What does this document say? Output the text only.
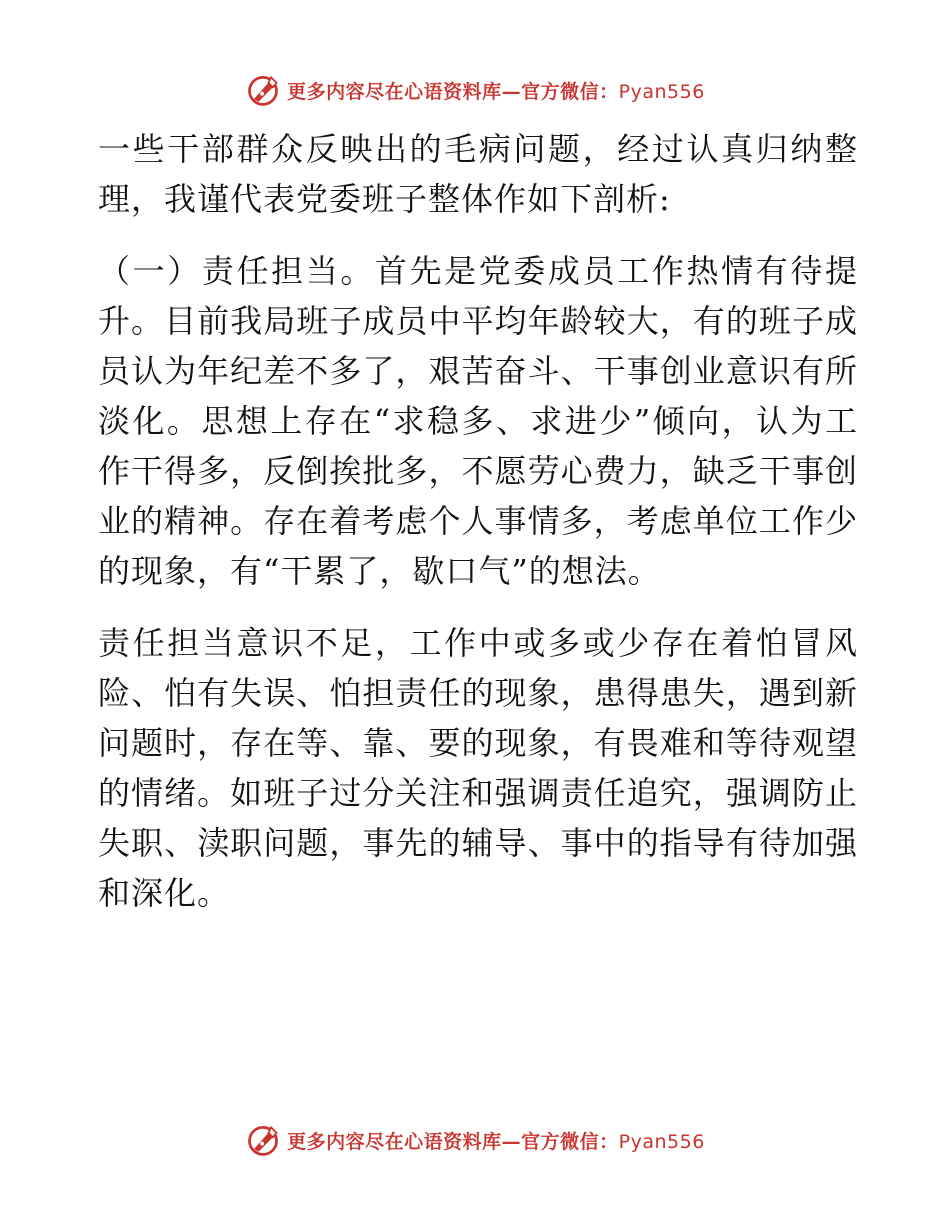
更多内容尽在心语资料库—官方微信：Pyan556

一些干部群众反映出的毛病问题，经过认真归纳整理，我谨代表党委班子整体作如下剖析:

（一）责任担当。首先是党委成员工作热情有待提升。目前我局班子成员中平均年龄较大，有的班子成员认为年纪差不多了，艰苦奋斗、干事创业意识有所淡化。思想上存在“求稳多、求进少”倾向，认为工作干得多，反倒挨批多，不愿劳心费力，缺乏干事创业的精神。存在着考虑个人事情多，考虑单位工作少的现象，有“干累了，歇口气”的想法。

责任担当意识不足，工作中或多或少存在着怕冒风险、怕有失误、怕担责任的现象，患得患失，遇到新问题时，存在等、靠、要的现象，有畏难和等待观望的情绪。如班子过分关注和强调责任追究，强调防止失职、渎职问题，事先的辅导、事中的指导有待加强和深化。

更多内容尽在心语资料库—官方微信：Pyan556
